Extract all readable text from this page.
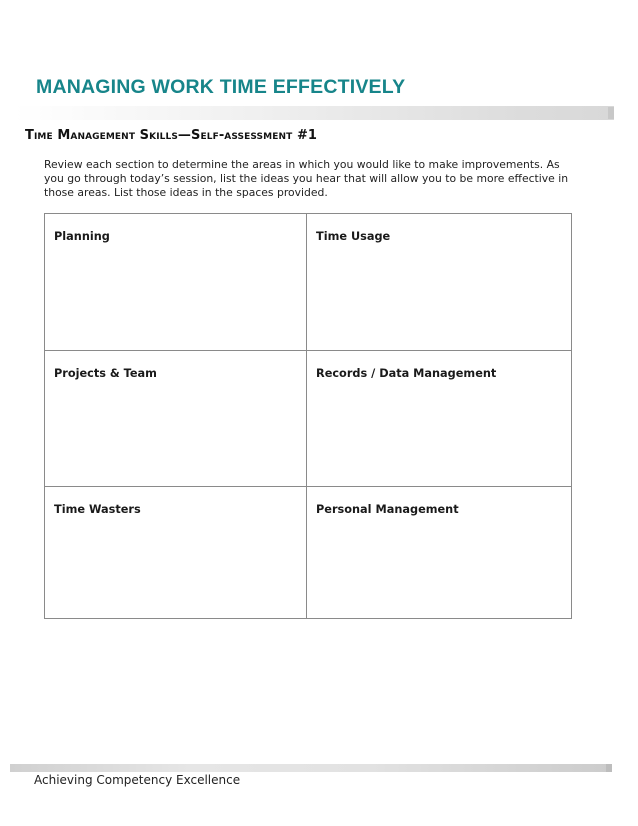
MANAGING WORK TIME EFFECTIVELY
Time Management Skills—Self-assessment #1
Review each section to determine the areas in which you would like to make improvements. As you go through today’s session, list the ideas you hear that will allow you to be more effective in those areas. List those ideas in the spaces provided.
Planning	Time Usage
Projects & Team	Records / Data Management
Time Wasters	Personal Management
Achieving Competency Excellence
